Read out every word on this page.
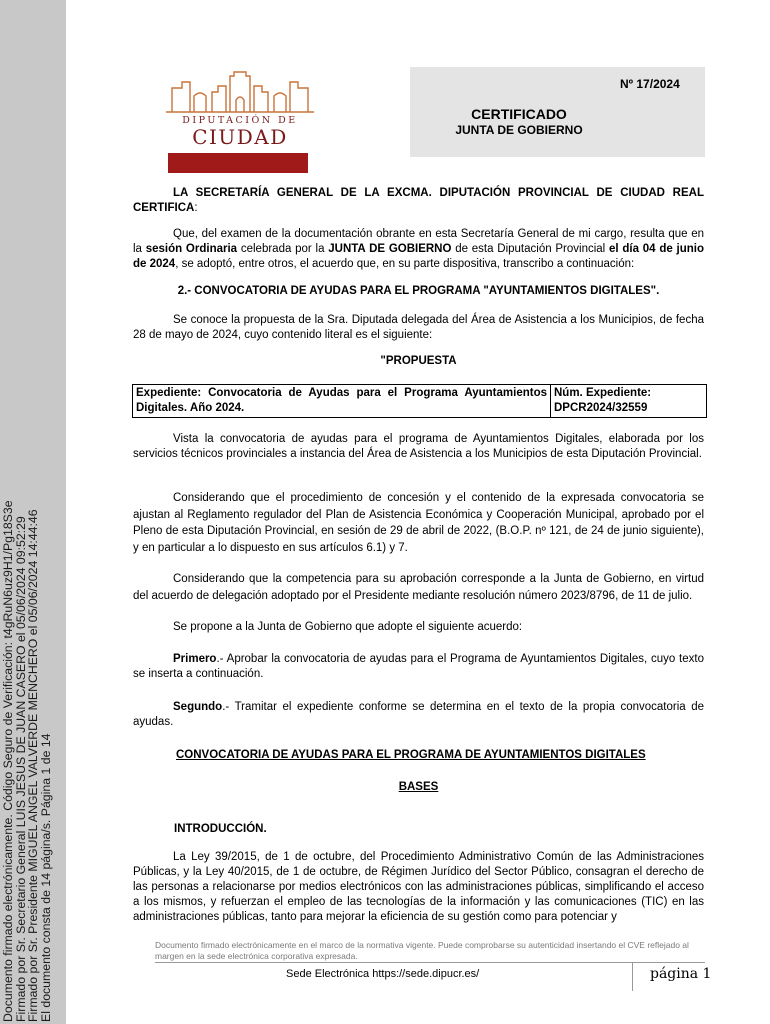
Documento firmado electrónicamente. Código Seguro de Verificación: t4gRuN6uz9H1/Pg18S3e
Firmado por Sr. Secretario General LUIS JESUS DE JUAN CASERO el 05/06/2024 09:52:29
Firmado por Sr. Presidente MIGUEL ANGEL VALVERDE MENCHERO el 05/06/2024 14:44:46
El documento consta de 14 página/s. Página 1 de 14
DIPUTACIÓN DE
CIUDAD
Nº 17/2024
CERTIFICADO
JUNTA DE GOBIERNO
LA SECRETARÍA GENERAL DE LA EXCMA. DIPUTACIÓN PROVINCIAL DE CIUDAD REAL CERTIFICA:
Que, del examen de la documentación obrante en esta Secretaría General de mi cargo, resulta que en la sesión Ordinaria celebrada por la JUNTA DE GOBIERNO de esta Diputación Provincial el día 04 de junio de 2024, se adoptó, entre otros, el acuerdo que, en su parte dispositiva, transcribo a continuación:
2.- CONVOCATORIA DE AYUDAS PARA EL PROGRAMA "AYUNTAMIENTOS DIGITALES".
Se conoce la propuesta de la Sra. Diputada delegada del Área de Asistencia a los Municipios, de fecha 28 de mayo de 2024, cuyo contenido literal es el siguiente:
"PROPUESTA
Expediente: Convocatoria de Ayudas para el Programa Ayuntamientos Digitales. Año 2024.
Núm. Expediente:
DPCR2024/32559
Vista la convocatoria de ayudas para el programa de Ayuntamientos Digitales, elaborada por los servicios técnicos provinciales a instancia del Área de Asistencia a los Municipios de esta Diputación Provincial.
Considerando que el procedimiento de concesión y el contenido de la expresada convocatoria se ajustan al Reglamento regulador del Plan de Asistencia Económica y Cooperación Municipal, aprobado por el Pleno de esta Diputación Provincial, en sesión de 29 de abril de 2022, (B.O.P. nº 121, de 24 de junio siguiente), y en particular a lo dispuesto en sus artículos 6.1) y 7.
Considerando que la competencia para su aprobación corresponde a la Junta de Gobierno, en virtud del acuerdo de delegación adoptado por el Presidente mediante resolución número 2023/8796, de 11 de julio.
Se propone a la Junta de Gobierno que adopte el siguiente acuerdo:
Primero.- Aprobar la convocatoria de ayudas para el Programa de Ayuntamientos Digitales, cuyo texto se inserta a continuación.
Segundo.- Tramitar el expediente conforme se determina en el texto de la propia convocatoria de ayudas.
CONVOCATORIA DE AYUDAS PARA EL PROGRAMA DE AYUNTAMIENTOS DIGITALES
BASES
INTRODUCCIÓN.
La Ley 39/2015, de 1 de octubre, del Procedimiento Administrativo Común de las Administraciones Públicas, y la Ley 40/2015, de 1 de octubre, de Régimen Jurídico del Sector Público, consagran el derecho de las personas a relacionarse por medios electrónicos con las administraciones públicas, simplificando el acceso a los mismos, y refuerzan el empleo de las tecnologías de la información y las comunicaciones (TIC) en las administraciones públicas, tanto para mejorar la eficiencia de su gestión como para potenciar y
Documento firmado electrónicamente en el marco de la normativa vigente. Puede comprobarse su autenticidad insertando el CVE reflejado al margen en la sede electrónica corporativa expresada.
Sede Electrónica https://sede.dipucr.es/	página 1
